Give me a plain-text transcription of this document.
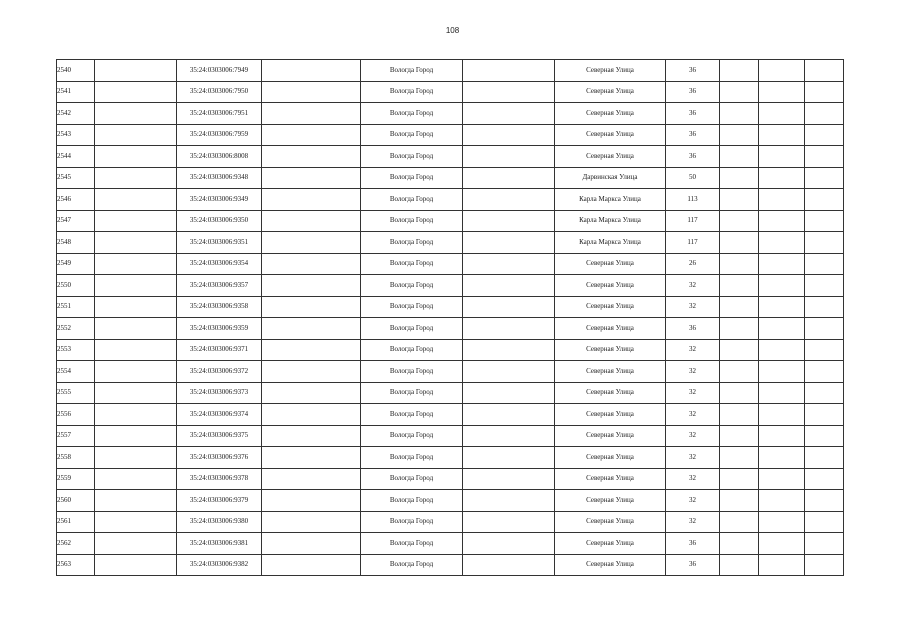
108
2540		35:24:0303006:7949		Вологда Город		Северная Улица	36			
2541		35:24:0303006:7950		Вологда Город		Северная Улица	36			
2542		35:24:0303006:7951		Вологда Город		Северная Улица	36			
2543		35:24:0303006:7959		Вологда Город		Северная Улица	36			
2544		35:24:0303006:8008		Вологда Город		Северная Улица	36			
2545		35:24:0303006:9348		Вологда Город		Дарвинская Улица	50			
2546		35:24:0303006:9349		Вологда Город		Карла Маркса Улица	113			
2547		35:24:0303006:9350		Вологда Город		Карла Маркса Улица	117			
2548		35:24:0303006:9351		Вологда Город		Карла Маркса Улица	117			
2549		35:24:0303006:9354		Вологда Город		Северная Улица	26			
2550		35:24:0303006:9357		Вологда Город		Северная Улица	32			
2551		35:24:0303006:9358		Вологда Город		Северная Улица	32			
2552		35:24:0303006:9359		Вологда Город		Северная Улица	36			
2553		35:24:0303006:9371		Вологда Город		Северная Улица	32			
2554		35:24:0303006:9372		Вологда Город		Северная Улица	32			
2555		35:24:0303006:9373		Вологда Город		Северная Улица	32			
2556		35:24:0303006:9374		Вологда Город		Северная Улица	32			
2557		35:24:0303006:9375		Вологда Город		Северная Улица	32			
2558		35:24:0303006:9376		Вологда Город		Северная Улица	32			
2559		35:24:0303006:9378		Вологда Город		Северная Улица	32			
2560		35:24:0303006:9379		Вологда Город		Северная Улица	32			
2561		35:24:0303006:9380		Вологда Город		Северная Улица	32			
2562		35:24:0303006:9381		Вологда Город		Северная Улица	36			
2563		35:24:0303006:9382		Вологда Город		Северная Улица	36			
